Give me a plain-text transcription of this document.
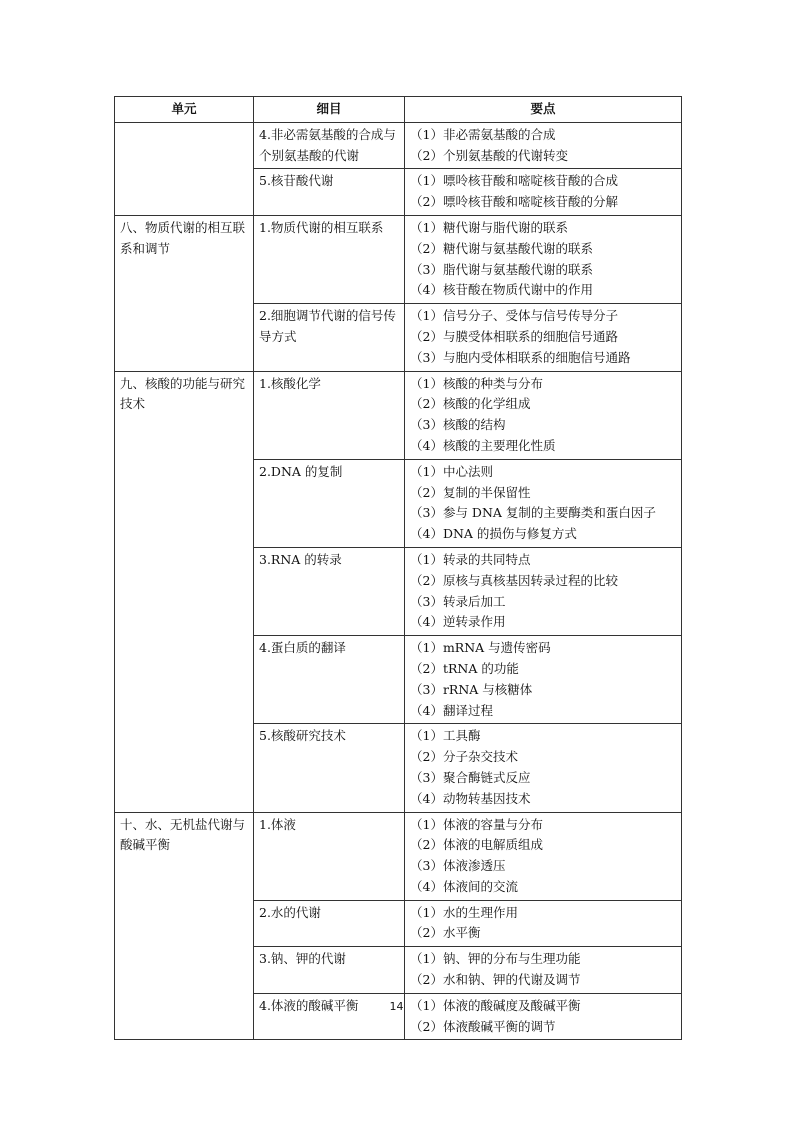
单元	细目	要点

	4.非必需氨基酸的合成与个别氨基酸的代谢	（1）非必需氨基酸的合成
（2）个别氨基酸的代谢转变

	5.核苷酸代谢	（1）嘌呤核苷酸和嘧啶核苷酸的合成
（2）嘌呤核苷酸和嘧啶核苷酸的分解

八、物质代谢的相互联系和调节	1.物质代谢的相互联系	（1）糖代谢与脂代谢的联系
（2）糖代谢与氨基酸代谢的联系
（3）脂代谢与氨基酸代谢的联系
（4）核苷酸在物质代谢中的作用

	2.细胞调节代谢的信号传导方式	（1）信号分子、受体与信号传导分子
（2）与膜受体相联系的细胞信号通路
（3）与胞内受体相联系的细胞信号通路

九、核酸的功能与研究技术	1.核酸化学	（1）核酸的种类与分布
（2）核酸的化学组成
（3）核酸的结构
（4）核酸的主要理化性质

	2.DNA 的复制	（1）中心法则
（2）复制的半保留性
（3）参与 DNA 复制的主要酶类和蛋白因子
（4）DNA 的损伤与修复方式

	3.RNA 的转录	（1）转录的共同特点
（2）原核与真核基因转录过程的比较
（3）转录后加工
（4）逆转录作用

	4.蛋白质的翻译	（1）mRNA 与遗传密码
（2）tRNA 的功能
（3）rRNA 与核糖体
（4）翻译过程

	5.核酸研究技术	（1）工具酶
（2）分子杂交技术
（3）聚合酶链式反应
（4）动物转基因技术

十、水、无机盐代谢与酸碱平衡	1.体液	（1）体液的容量与分布
（2）体液的电解质组成
（3）体液渗透压
（4）体液间的交流

	2.水的代谢	（1）水的生理作用
（2）水平衡

	3.钠、钾的代谢	（1）钠、钾的分布与生理功能
（2）水和钠、钾的代谢及调节

	4.体液的酸碱平衡	（1）体液的酸碱度及酸碱平衡
（2）体液酸碱平衡的调节
14
